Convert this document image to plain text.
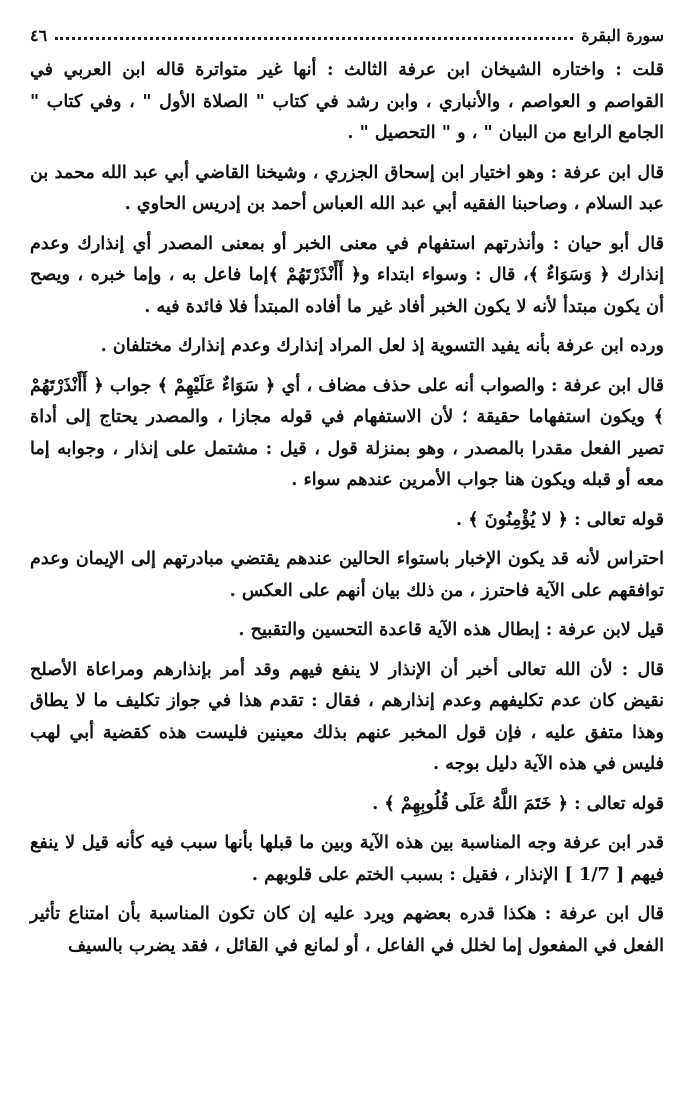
سورة البقرة
٤٦

قلت : واختاره الشيخان ابن عرفة الثالث : أنها غير متواترة قاله ابن العربي في القواصم و العواصم ، والأنباري ، وابن رشد في كتاب " الصلاة الأول " ، وفي كتاب " الجامع الرابع من البيان " ، و " التحصيل " .

قال ابن عرفة : وهو اختيار ابن إسحاق الجزري ، وشيخنا القاضي أبي عبد الله محمد بن عبد السلام ، وصاحبنا الفقيه أبي عبد الله العباس أحمد بن إدريس الحاوي .

قال أبو حيان : وأنذرتهم استفهام في معنى الخبر أو بمعنى المصدر أي إنذارك وعدم إنذارك ﴿ وَسَوَاءٌ ﴾، قال : وسواء ابتداء و﴿ أَأَنْذَرْتَهُمْ ﴾إما فاعل به ، وإما خبره ، ويصح أن يكون مبتدأ لأنه لا يكون الخبر أفاد غير ما أفاده المبتدأ فلا فائدة فيه .

ورده ابن عرفة بأنه يفيد التسوية إذ لعل المراد إنذارك وعدم إنذارك مختلفان .

قال ابن عرفة : والصواب أنه على حذف مضاف ، أي ﴿ سَوَاءٌ عَلَيْهِمْ ﴾ جواب ﴿ أَأَنْذَرْتَهُمْ ﴾ ويكون استفهاما حقيقة ؛ لأن الاستفهام في قوله مجازا ، والمصدر يحتاج إلى أداة تصير الفعل مقدرا بالمصدر ، وهو بمنزلة قول ، قيل : مشتمل على إنذار ، وجوابه إما معه أو قبله ويكون هنا جواب الأمرين عندهم سواء .

قوله تعالى : ﴿ لا يُؤْمِنُونَ ﴾ .

احتراس لأنه قد يكون الإخبار باستواء الحالين عندهم يقتضي مبادرتهم إلى الإيمان وعدم توافقهم على الآية فاحترز ، من ذلك بيان أنهم على العكس .

قيل لابن عرفة : إبطال هذه الآية قاعدة التحسين والتقبيح .

قال : لأن الله تعالى أخبر أن الإنذار لا ينفع فيهم وقد أمر بإنذارهم ومراعاة الأصلح نقيض كان عدم تكليفهم وعدم إنذارهم ، فقال : تقدم هذا في جواز تكليف ما لا يطاق وهذا متفق عليه ، فإن قول المخبر عنهم بذلك معينين فليست هذه كقضية أبي لهب فليس في هذه الآية دليل بوجه .

قوله تعالى : ﴿ خَتَمَ اللَّهُ عَلَى قُلُوبِهِمْ ﴾ .

قدر ابن عرفة وجه المناسبة بين هذه الآية وبين ما قبلها بأنها سبب فيه كأنه قيل لا ينفع فيهم [ 1/7 ] الإنذار ، فقيل : بسبب الختم على قلوبهم .

قال ابن عرفة : هكذا قدره بعضهم ويرد عليه إن كان تكون المناسبة بأن امتناع تأثير الفعل في المفعول إما لخلل في الفاعل ، أو لمانع في القائل ، فقد يضرب بالسيف
